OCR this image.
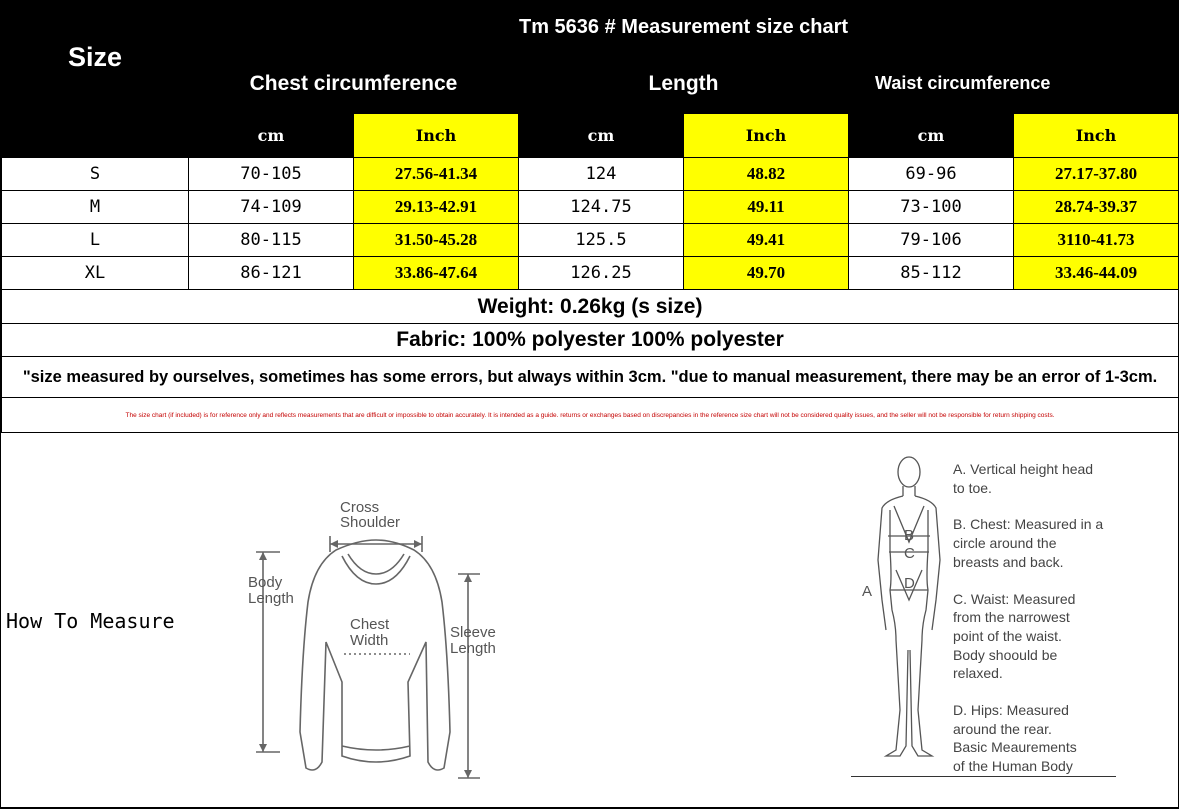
Size	Tm 5636 # Measurement size chart					
	Chest circumference		Length		Waist circumference	
	cm	Inch	cm	Inch	cm	Inch
S	70-105	27.56-41.34	124	48.82	69-96	27.17-37.80
M	74-109	29.13-42.91	124.75	49.11	73-100	28.74-39.37
L	80-115	31.50-45.28	125.5	49.41	79-106	3110-41.73
XL	86-121	33.86-47.64	126.25	49.70	85-112	33.46-44.09
Weight: 0.26kg (s size)						
Fabric: 100% polyester 100% polyester						
"size measured by ourselves, sometimes has some errors, but always within 3cm. "due to manual measurement, there may be an error of 1-3cm.						
The size chart (if included) is for reference only and reflects measurements that are difficult or impossible to obtain accurately. It is intended as a guide. returns or exchanges based on discrepancies in the reference size chart will not be considered quality issues, and the seller will not be responsible for return shipping costs.						
How To Measure
Cross
Shoulder
Body
Length
Chest
Width	Sleeve
Length
B
C
D
A
A. Vertical height head
to toe.
B. Chest: Measured in a
circle around the
breasts and back.
C. Waist: Measured
from the narrowest
point of the waist.
Body shoould be
relaxed.
D. Hips: Measured
around the rear.
Basic Meaurements
of the Human Body
